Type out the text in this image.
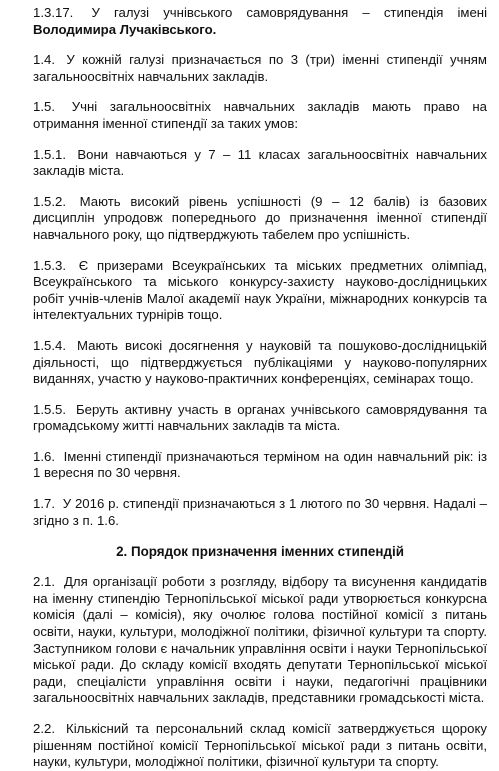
1.3.17. У галузі учнівського самоврядування – стипендія імені Володимира Лучаківського.

1.4. У кожній галузі призначається по 3 (три) іменні стипендії учням загальноосвітніх навчальних закладів.

1.5. Учні загальноосвітніх навчальних закладів мають право на отримання іменної стипендії за таких умов:

1.5.1. Вони навчаються у 7 – 11 класах загальноосвітніх навчальних закладів міста.

1.5.2. Мають високий рівень успішності (9 – 12 балів) із базових дисциплін упродовж попереднього до призначення іменної стипендії навчального року, що підтверджують табелем про успішність.

1.5.3. Є призерами Всеукраїнських та міських предметних олімпіад, Всеукраїнського та міського конкурсу-захисту науково-дослідницьких робіт учнів-членів Малої академії наук України, міжнародних конкурсів та інтелектуальних турнірів тощо.

1.5.4. Мають високі досягнення у науковій та пошуково-дослідницькій діяльності, що підтверджується публікаціями у науково-популярних виданнях, участю у науково-практичних конференціях, семінарах тощо.

1.5.5. Беруть активну участь в органах учнівського самоврядування та громадському житті навчальних закладів та міста.

1.6. Іменні стипендії призначаються терміном на один навчальний рік: із 1 вересня по 30 червня.

1.7. У 2016 р. стипендії призначаються з 1 лютого по 30 червня. Надалі – згідно з п. 1.6.

2. Порядок призначення іменних стипендій

2.1. Для організації роботи з розгляду, відбору та висунення кандидатів на іменну стипендію Тернопільської міської ради утворюється конкурсна комісія (далі – комісія), яку очолює голова постійної комісії з питань освіти, науки, культури, молодіжної політики, фізичної культури та спорту. Заступником голови є начальник управління освіти і науки Тернопільської міської ради. До складу комісії входять депутати Тернопільської міської ради, спеціалісти управління освіти і науки, педагогічні працівники загальноосвітніх навчальних закладів, представники громадськості міста.

2.2. Кількісний та персональний склад комісії затверджується щороку рішенням постійної комісії Тернопільської міської ради з питань освіти, науки, культури, молодіжної політики, фізичної культури та спорту.
